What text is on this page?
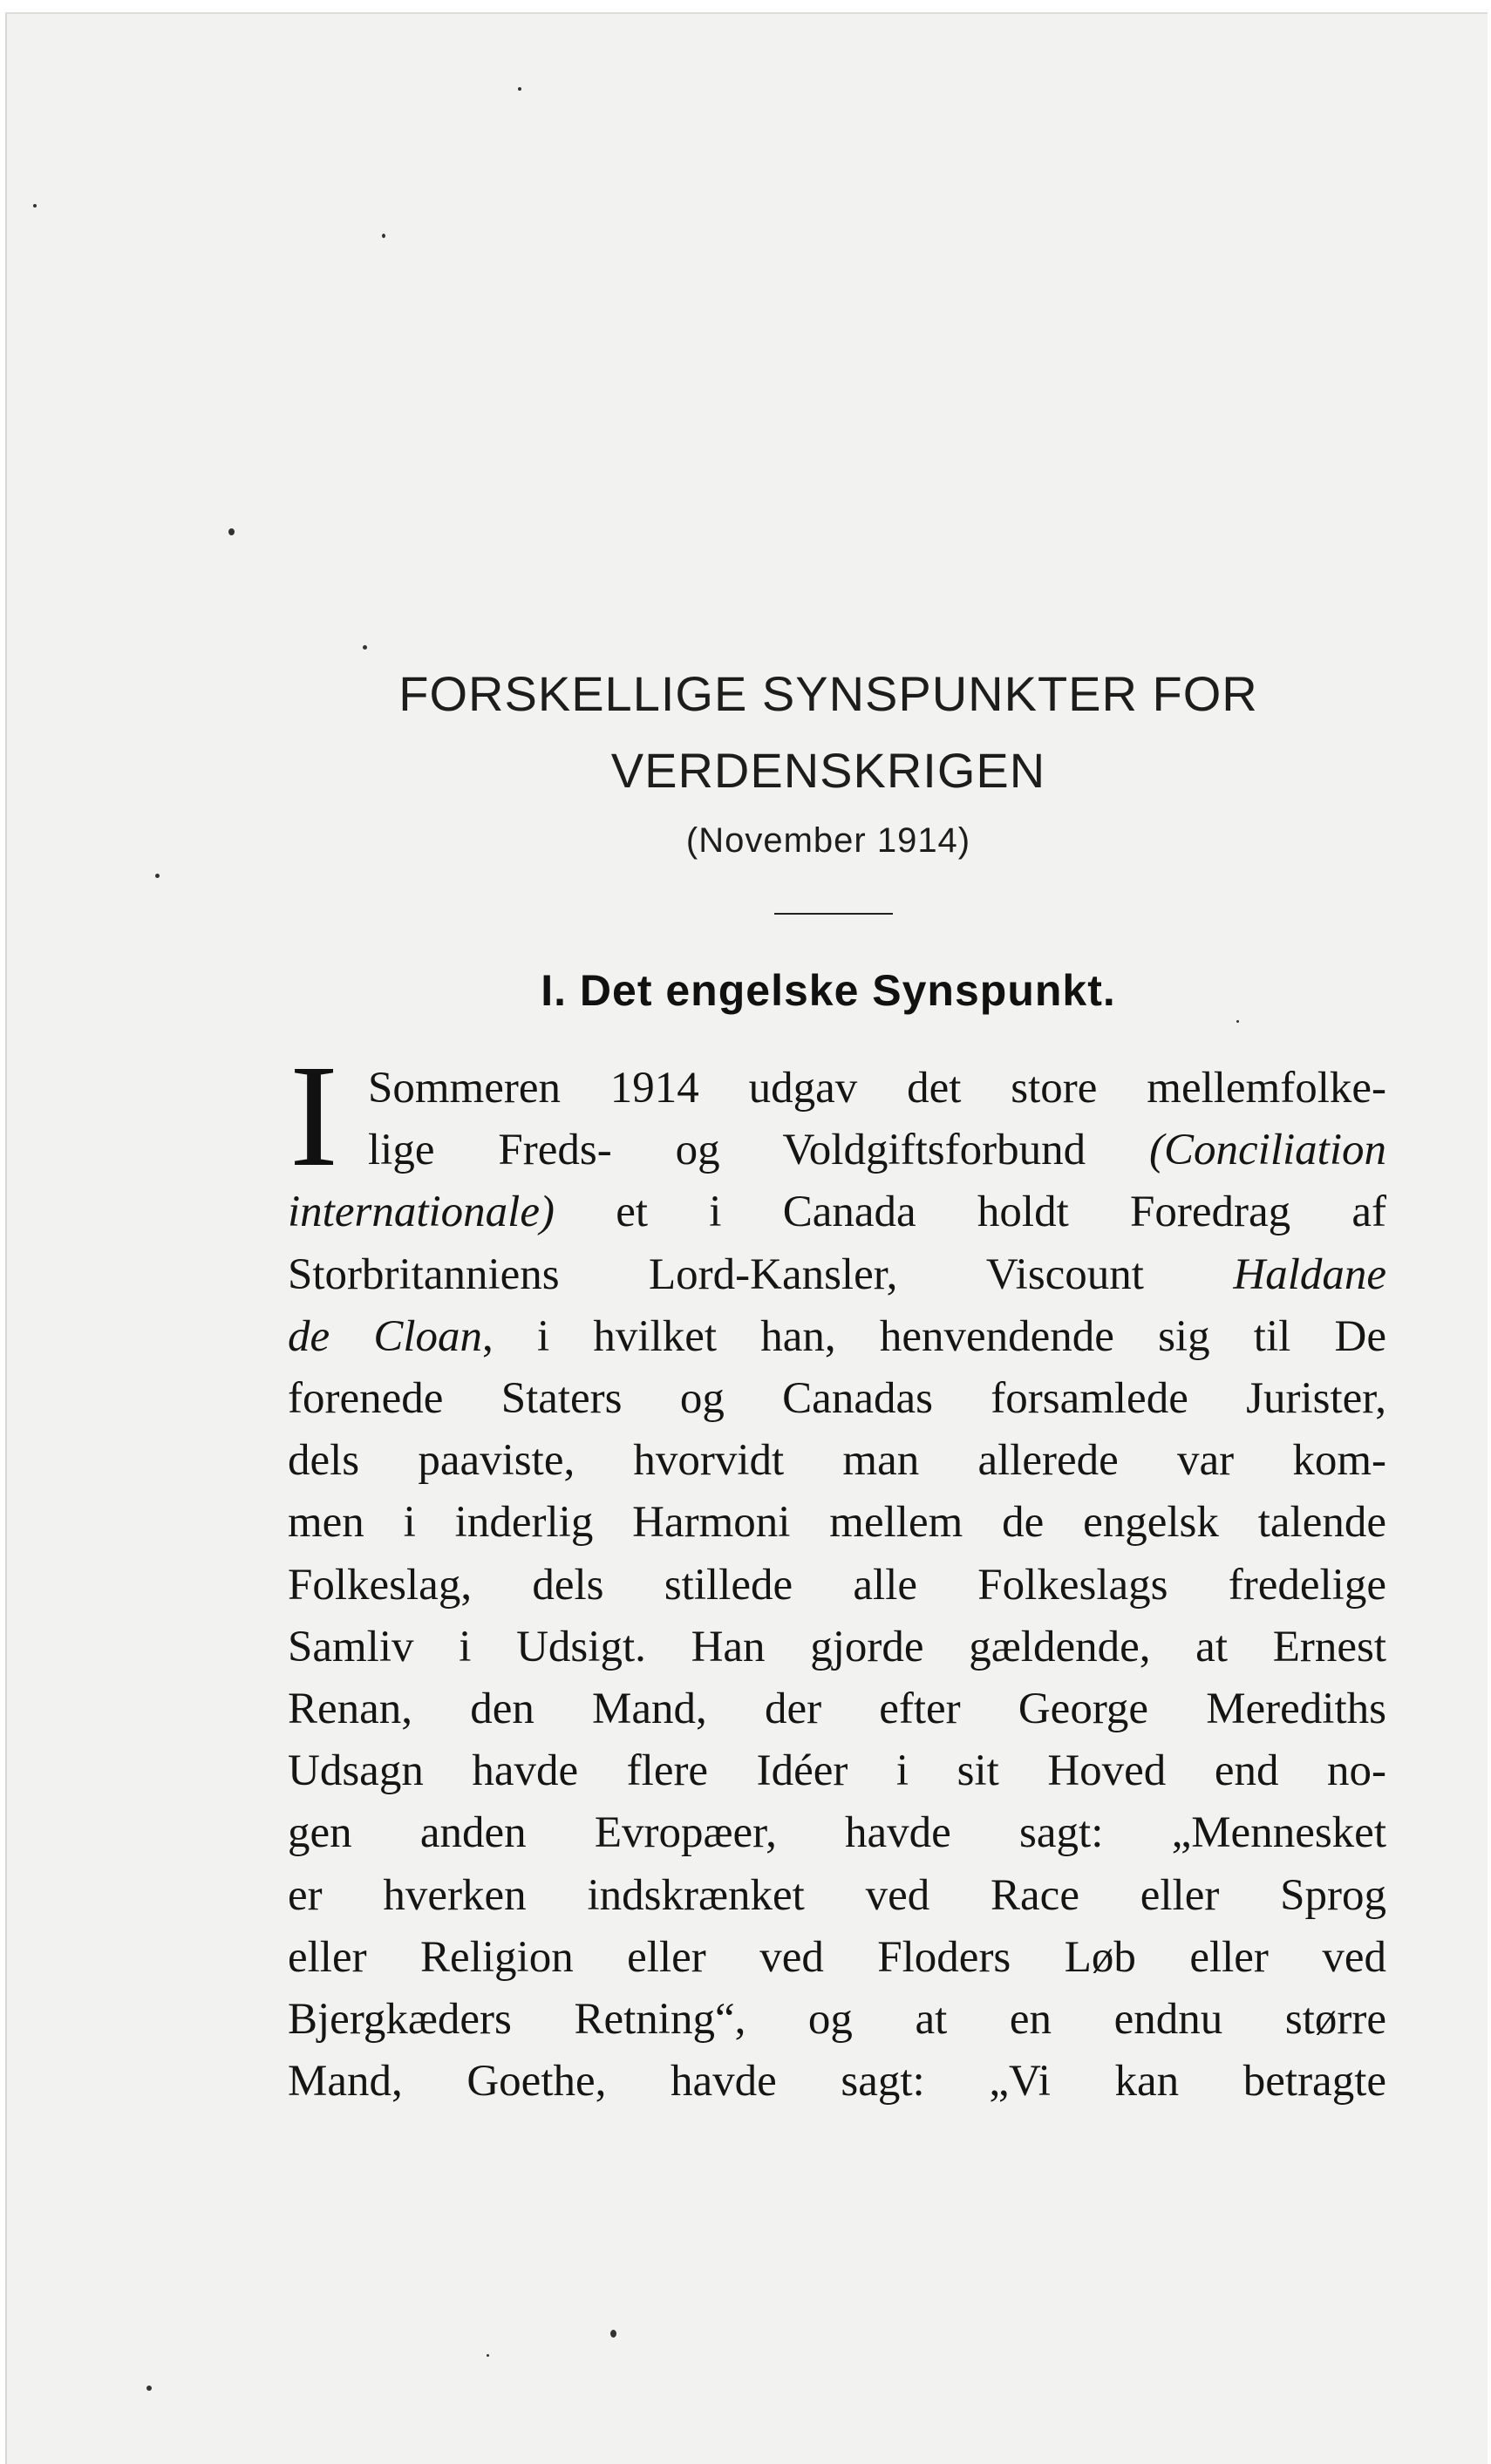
FORSKELLIGE SYNSPUNKTER FOR
VERDENSKRIGEN
(November 1914)
I. Det engelske Synspunkt.
I Sommeren 1914 udgav det store mellemfolke-
lige Freds- og Voldgiftsforbund (Conciliation
internationale) et i Canada holdt Foredrag af
Storbritanniens Lord-Kansler, Viscount Haldane
de Cloan, i hvilket han, henvendende sig til De
forenede Staters og Canadas forsamlede Jurister,
dels paaviste, hvorvidt man allerede var kom-
men i inderlig Harmoni mellem de engelsk talende
Folkeslag, dels stillede alle Folkeslags fredelige
Samliv i Udsigt. Han gjorde gældende, at Ernest
Renan, den Mand, der efter George Merediths
Udsagn havde flere Idéer i sit Hoved end no-
gen anden Evropæer, havde sagt: „Mennesket
er hverken indskrænket ved Race eller Sprog
eller Religion eller ved Floders Løb eller ved
Bjergkæders Retning“, og at en endnu større
Mand, Goethe, havde sagt: „Vi kan betragte
